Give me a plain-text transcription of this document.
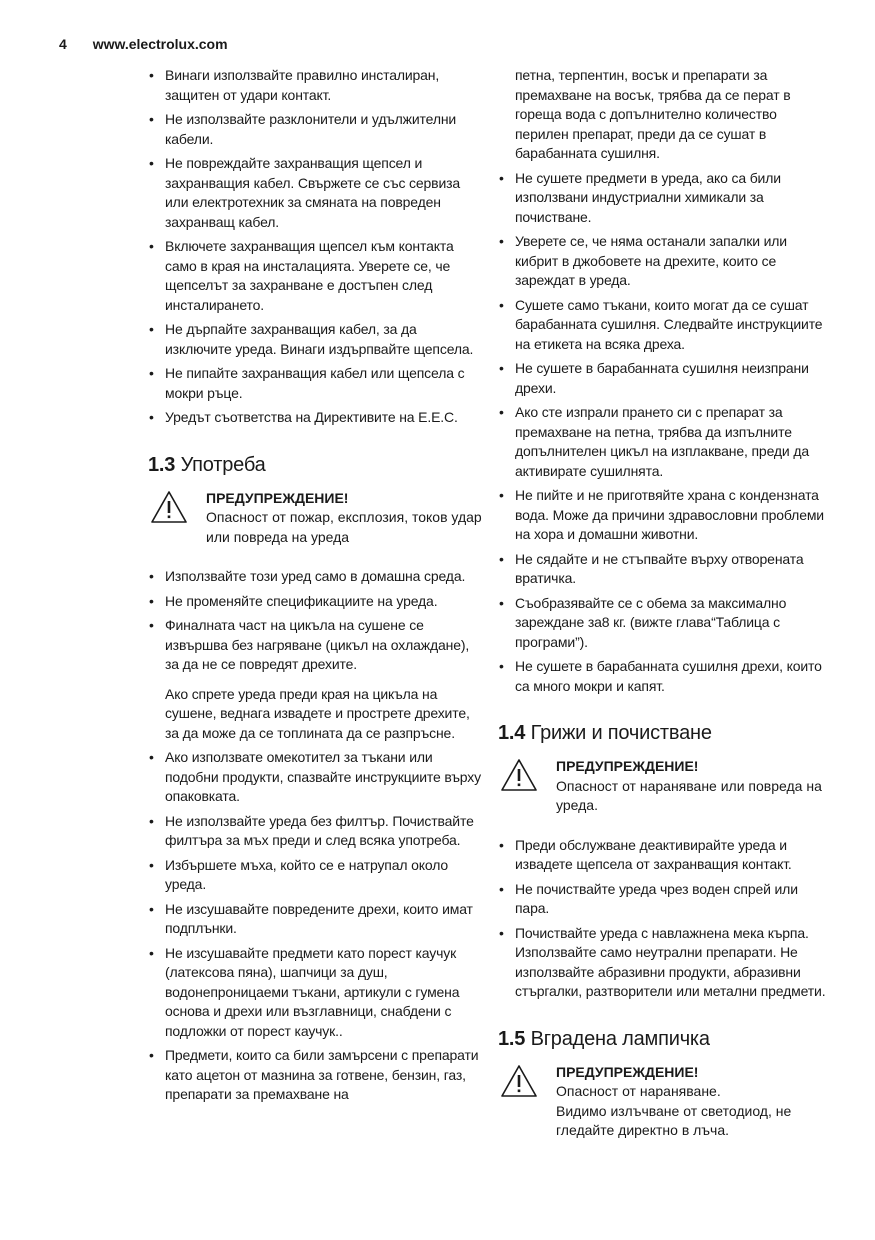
4 www.electrolux.com
• Винаги използвайте правилно инсталиран, защитен от удари контакт.
• Не използвайте разклонители и удължителни кабели.
• Не повреждайте захранващия щепсел и захранващия кабел. Свържете се със сервиза или електротехник за смяната на повреден захранващ кабел.
• Включете захранващия щепсел към контакта само в края на инсталацията. Уверете се, че щепселът за захранване е достъпен след инсталирането.
• Не дърпайте захранващия кабел, за да изключите уреда. Винаги издърпвайте щепсела.
• Не пипайте захранващия кабел или щепсела с мокри ръце.
• Уредът съответства на Директивите на E.E.C.
1.3 Употреба
ПРЕДУПРЕЖДЕНИЕ!
Опасност от пожар, експлозия, токов удар или повреда на уреда
• Използвайте този уред само в домашна среда.
• Не променяйте спецификациите на уреда.
• Финалната част на цикъла на сушене се извършва без нагряване (цикъл на охлаждане), за да не се повредят дрехите.
Ако спрете уреда преди края на цикъла на сушене, веднага извадете и прострете дрехите, за да може да се топлината да се разпръсне.
• Ако използвате омекотител за тъкани или подобни продукти, спазвайте инструкциите върху опаковката.
• Не използвайте уреда без филтър. Почиствайте филтъра за мъх преди и след всяка употреба.
• Избършете мъха, който се е натрупал около уреда.
• Не изсушавайте повредените дрехи, които имат подплънки.
• Не изсушавайте предмети като порест каучук (латексова пяна), шапчици за душ, водонепроницаеми тъкани, артикули с гумена основа и дрехи или възглавници, снабдени с подложки от порест каучук..
• Предмети, които са били замърсени с препарати като ацетон от мазнина за готвене, бензин, газ, препарати за премахване на
петна, терпентин, восък и препарати за премахване на восък, трябва да се перат в гореща вода с допълнително количество перилен препарат, преди да се сушат в барабанната сушилня.
• Не сушете предмети в уреда, ако са били използвани индустриални химикали за почистване.
• Уверете се, че няма останали запалки или кибрит в джобовете на дрехите, които се зареждат в уреда.
• Сушете само тъкани, които могат да се сушат барабанната сушилня. Следвайте инструкциите на етикета на всяка дреха.
• Не сушете в барабанната сушилня неизпрани дрехи.
• Ако сте изпрали прането си с препарат за премахване на петна, трябва да изпълните допълнителен цикъл на изплакване, преди да активирате сушилнята.
• Не пийте и не приготвяйте храна с кондензната вода. Може да причини здравословни проблеми на хора и домашни животни.
• Не сядайте и не стъпвайте върху отворената вратичка.
• Съобразявайте се с обема за максимално зареждане за8 кг. (вижте глава“Таблица с програми”).
• Не сушете в барабанната сушилня дрехи, които са много мокри и капят.
1.4 Грижи и почистване
ПРЕДУПРЕЖДЕНИЕ!
Опасност от нараняване или повреда на уреда.
• Преди обслужване деактивирайте уреда и извадете щепсела от захранващия контакт.
• Не почиствайте уреда чрез воден спрей или пара.
• Почиствайте уреда с навлажнена мека кърпа. Използвайте само неутрални препарати. Не използвайте абразивни продукти, абразивни стъргалки, разтворители или метални предмети.
1.5 Вградена лампичка
ПРЕДУПРЕЖДЕНИЕ!
Опасност от нараняване.
Видимо излъчване от светодиод, не гледайте директно в лъча.
